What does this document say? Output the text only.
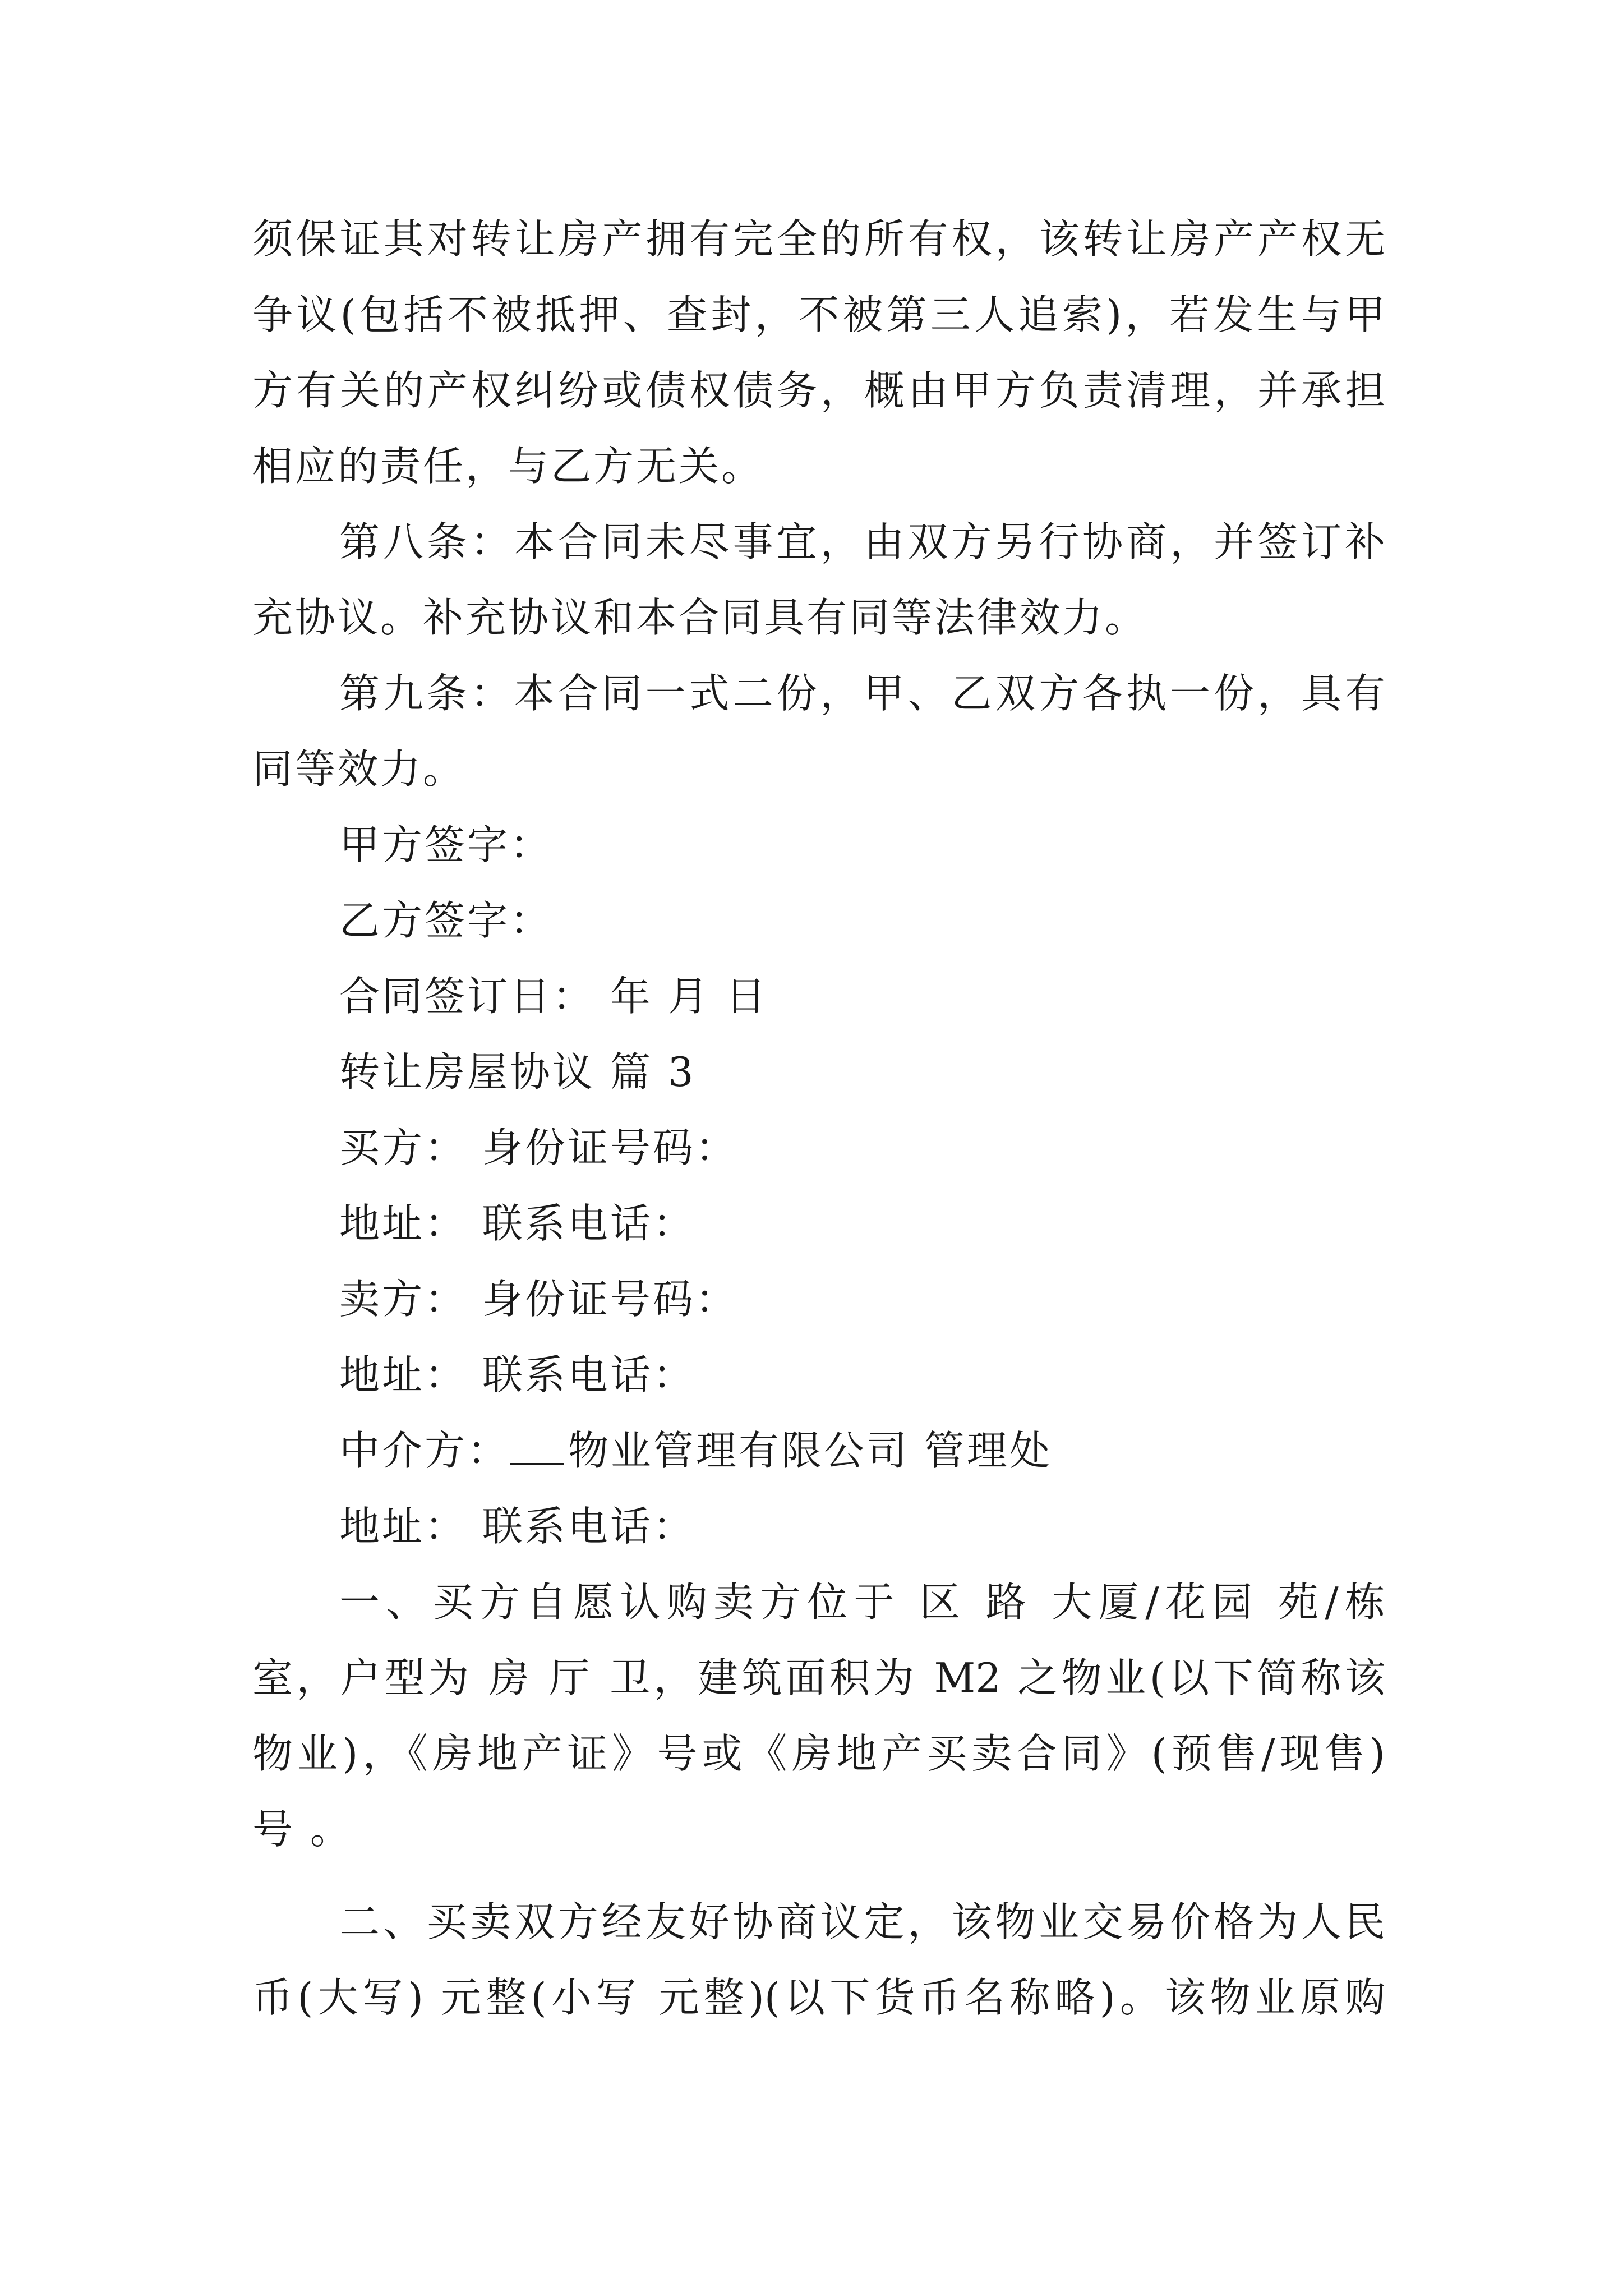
须保证其对转让房产拥有完全的所有权，该转让房产产权无
争议(包括不被抵押、查封，不被第三人追索)，若发生与甲
方有关的产权纠纷或债权债务，概由甲方负责清理，并承担
相应的责任，与乙方无关。
第八条：本合同未尽事宜，由双方另行协商，并签订补
充协议。补充协议和本合同具有同等法律效力。
第九条：本合同一式二份，甲、乙双方各执一份，具有
同等效力。
甲方签字：
乙方签字：
合同签订日： 年 月 日
转让房屋协议 篇 3
买方： 身份证号码：
地址： 联系电话：
卖方： 身份证号码：
地址： 联系电话：
中介方： 物业管理有限公司 管理处
地址： 联系电话：
一、买方自愿认购卖方位于 区 路 大厦/花园 苑/栋
室，户型为 房 厅 卫，建筑面积为 M2 之物业(以下简称该
物业)，《房地产证》号或《房地产买卖合同》(预售/现售)
号 。
二、买卖双方经友好协商议定，该物业交易价格为人民
币(大写) 元整(小写 元整)(以下货币名称略)。该物业原购
